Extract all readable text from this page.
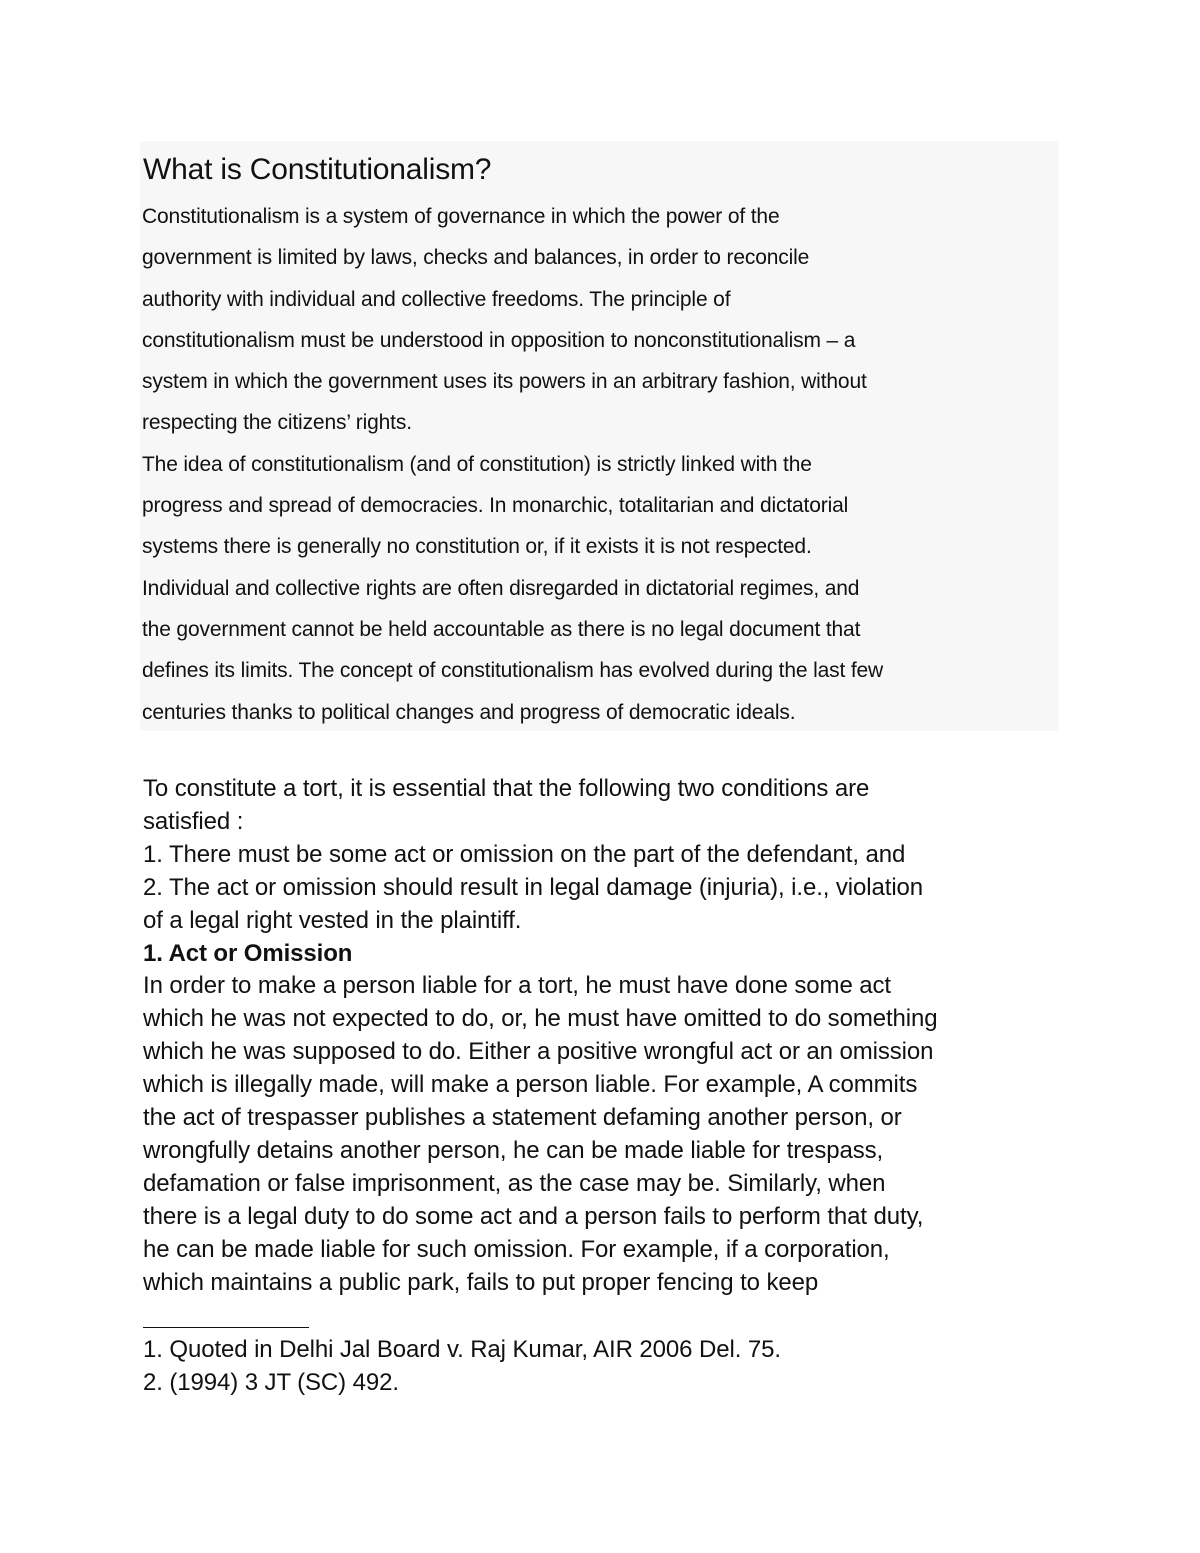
What is Constitutionalism?

Constitutionalism is a system of governance in which the power of the
government is limited by laws, checks and balances, in order to reconcile
authority with individual and collective freedoms. The principle of
constitutionalism must be understood in opposition to nonconstitutionalism – a
system in which the government uses its powers in an arbitrary fashion, without
respecting the citizens’ rights.
The idea of constitutionalism (and of constitution) is strictly linked with the
progress and spread of democracies. In monarchic, totalitarian and dictatorial
systems there is generally no constitution or, if it exists it is not respected.
Individual and collective rights are often disregarded in dictatorial regimes, and
the government cannot be held accountable as there is no legal document that
defines its limits. The concept of constitutionalism has evolved during the last few
centuries thanks to political changes and progress of democratic ideals.

To constitute a tort, it is essential that the following two conditions are
satisfied :
1. There must be some act or omission on the part of the defendant, and
2. The act or omission should result in legal damage (injuria), i.e., violation
of a legal right vested in the plaintiff.
1. Act or Omission
In order to make a person liable for a tort, he must have done some act
which he was not expected to do, or, he must have omitted to do something
which he was supposed to do. Either a positive wrongful act or an omission
which is illegally made, will make a person liable. For example, A commits
the act of trespasser publishes a statement defaming another person, or
wrongfully detains another person, he can be made liable for trespass,
defamation or false imprisonment, as the case may be. Similarly, when
there is a legal duty to do some act and a person fails to perform that duty,
he can be made liable for such omission. For example, if a corporation,
which maintains a public park, fails to put proper fencing to keep
1. Quoted in Delhi Jal Board v. Raj Kumar, AIR 2006 Del. 75.
2. (1994) 3 JT (SC) 492.
